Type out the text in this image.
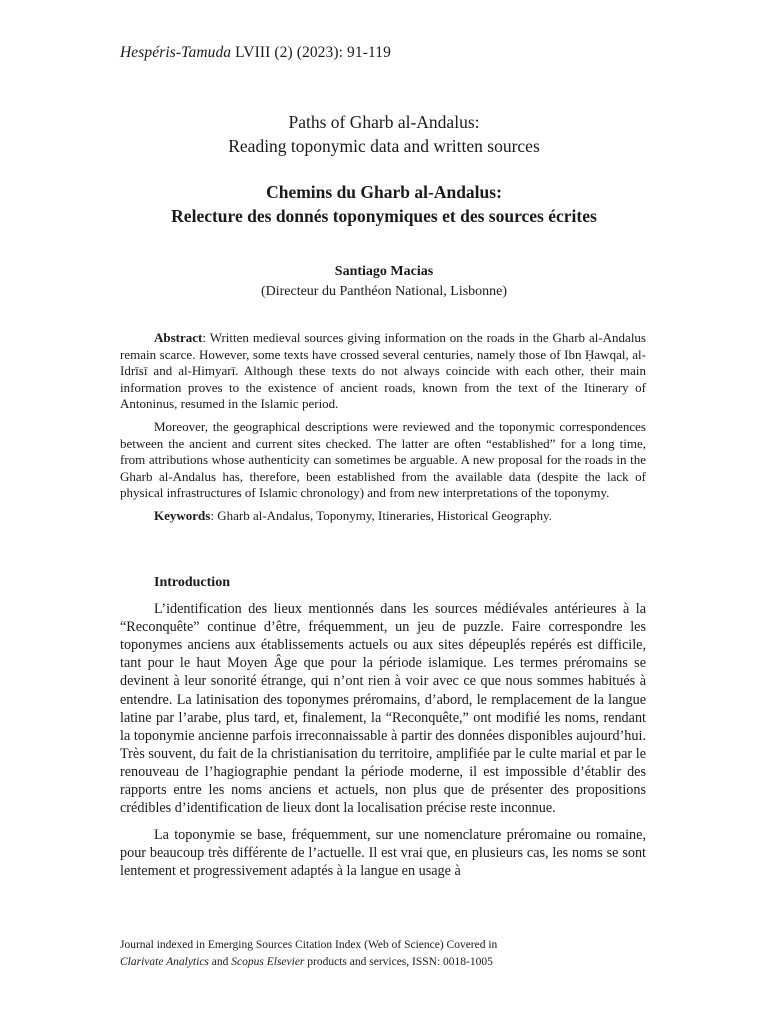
Hespéris-Tamuda LVIII (2) (2023): 91-119
Paths of Gharb al-Andalus:
Reading toponymic data and written sources
Chemins du Gharb al-Andalus:
Relecture des donnés toponymiques et des sources écrites
Santiago Macias
(Directeur du Panthéon National, Lisbonne)

Abstract: Written medieval sources giving information on the roads in the Gharb al-Andalus remain scarce. However, some texts have crossed several centuries, namely those of Ibn Ḥawqal, al-Idrīsī and al-Himyarī. Although these texts do not always coincide with each other, their main information proves to the existence of ancient roads, known from the text of the Itinerary of Antoninus, resumed in the Islamic period.

Moreover, the geographical descriptions were reviewed and the toponymic correspondences between the ancient and current sites checked. The latter are often “established” for a long time, from attributions whose authenticity can sometimes be arguable. A new proposal for the roads in the Gharb al-Andalus has, therefore, been established from the available data (despite the lack of physical infrastructures of Islamic chronology) and from new interpretations of the toponymy.

Keywords: Gharb al-Andalus, Toponymy, Itineraries, Historical Geography.

Introduction

L’identification des lieux mentionnés dans les sources médiévales antérieures à la “Reconquête” continue d’être, fréquemment, un jeu de puzzle. Faire correspondre les toponymes anciens aux établissements actuels ou aux sites dépeuplés repérés est difficile, tant pour le haut Moyen Âge que pour la période islamique. Les termes préromains se devinent à leur sonorité étrange, qui n’ont rien à voir avec ce que nous sommes habitués à entendre. La latinisation des toponymes préromains, d’abord, le remplacement de la langue latine par l’arabe, plus tard, et, finalement, la “Reconquête,” ont modifié les noms, rendant la toponymie ancienne parfois irreconnaissable à partir des données disponibles aujourd’hui. Très souvent, du fait de la christianisation du territoire, amplifiée par le culte marial et par le renouveau de l’hagiographie pendant la période moderne, il est impossible d’établir des rapports entre les noms anciens et actuels, non plus que de présenter des propositions crédibles d’identification de lieux dont la localisation précise reste inconnue.

La toponymie se base, fréquemment, sur une nomenclature préromaine ou romaine, pour beaucoup très différente de l’actuelle. Il est vrai que, en plusieurs cas, les noms se sont lentement et progressivement adaptés à la langue en usage à

Journal indexed in Emerging Sources Citation Index (Web of Science) Covered in
Clarivate Analytics and Scopus Elsevier products and services, ISSN: 0018-1005
